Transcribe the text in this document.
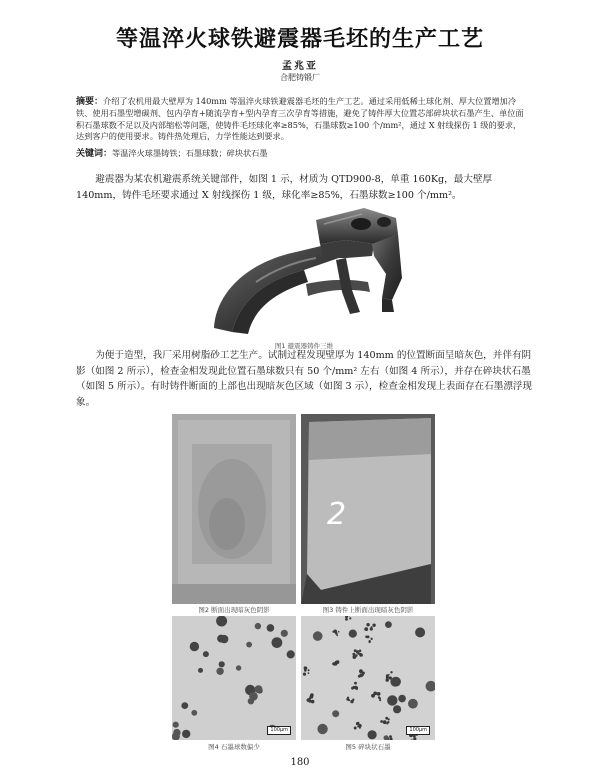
等温淬火球铁避震器毛坯的生产工艺
孟兆亚
合肥铸锻厂
摘要：介绍了农机用最大壁厚为 140mm 等温淬火球铁避震器毛坯的生产工艺。通过采用低稀土球化剂、厚大位置增加冷铁、使用石墨型增碳剂、包内孕育+随流孕育+型内孕育三次孕育等措施，避免了铸件厚大位置芯部碎块状石墨产生、单位面积石墨球数不足以及内部缩松等问题，使铸件毛坯球化率≥85%，石墨球数≥100 个/mm²，通过 X 射线探伤 1 级的要求，达到客户的使用要求。铸件热处理后，力学性能达到要求。
关键词：等温淬火球墨铸铁；石墨球数；碎块状石墨
避震器为某农机避震系统关键部件，如图 1 示，材质为 QTD900-8，单重 160Kg，最大壁厚 140mm，铸件毛坯要求通过 X 射线探伤 1 级，球化率≥85%，石墨球数≥100 个/mm²。
图1 避震器铸件三维
为便于造型，我厂采用树脂砂工艺生产。试制过程发现壁厚为 140mm 的位置断面呈暗灰色，并伴有阴影（如图 2 所示），检查金相发现此位置石墨球数只有 50 个/mm² 左右（如图 4 所示），并存在碎块状石墨（如图 5 所示）。有时铸件断面的上部也出现暗灰色区域（如图 3 示），检查金相发现上表面存在石墨漂浮现象。
图2 断面出现暗灰色阴影
2
图3 铸件上断面出现暗灰色阴影
100μm
图4 石墨球数偏少
100μm
图5 碎块状石墨
180
